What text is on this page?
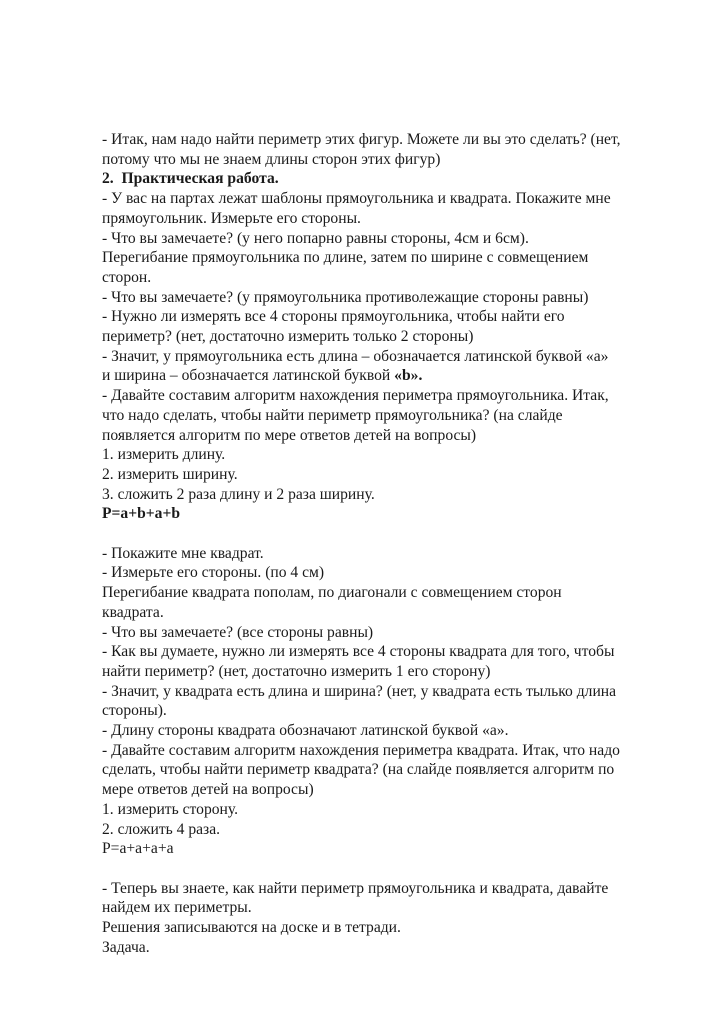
- Итак, нам надо найти периметр этих фигур. Можете ли вы это сделать? (нет,

потому что мы не знаем длины сторон этих фигур)

2. Практическая работа.

- У вас на партах лежат шаблоны прямоугольника и квадрата. Покажите мне

прямоугольник. Измерьте его стороны.

- Что вы замечаете? (у него попарно равны стороны, 4см и 6см).

Перегибание прямоугольника по длине, затем по ширине с совмещением

сторон.

- Что вы замечаете? (у прямоугольника противолежащие стороны равны)

- Нужно ли измерять все 4 стороны прямоугольника, чтобы найти его

периметр? (нет, достаточно измерить только 2 стороны)

- Значит, у прямоугольника есть длина – обозначается латинской буквой «a»

и ширина – обозначается латинской буквой «b».

- Давайте составим алгоритм нахождения периметра прямоугольника. Итак,

что надо сделать, чтобы найти периметр прямоугольника? (на слайде

появляется алгоритм по мере ответов детей на вопросы)

1. измерить длину.

2. измерить ширину.

3. сложить 2 раза длину и 2 раза ширину.

P=a+b+a+b

- Покажите мне квадрат.

- Измерьте его стороны. (по 4 см)

Перегибание квадрата пополам, по диагонали с совмещением сторон

квадрата.

- Что вы замечаете? (все стороны равны)

- Как вы думаете, нужно ли измерять все 4 стороны квадрата для того, чтобы

найти периметр? (нет, достаточно измерить 1 его сторону)

- Значит, у квадрата есть длина и ширина? (нет, у квадрата есть тылько длина

стороны).

- Длину стороны квадрата обозначают латинской буквой «а».

- Давайте составим алгоритм нахождения периметра квадрата. Итак, что надо

сделать, чтобы найти периметр квадрата? (на слайде появляется алгоритм по

мере ответов детей на вопросы)

1. измерить сторону.

2. сложить 4 раза.

P=a+a+a+a

- Теперь вы знаете, как найти периметр прямоугольника и квадрата, давайте

найдем их периметры.

Решения записываются на доске и в тетради.

Задача.
